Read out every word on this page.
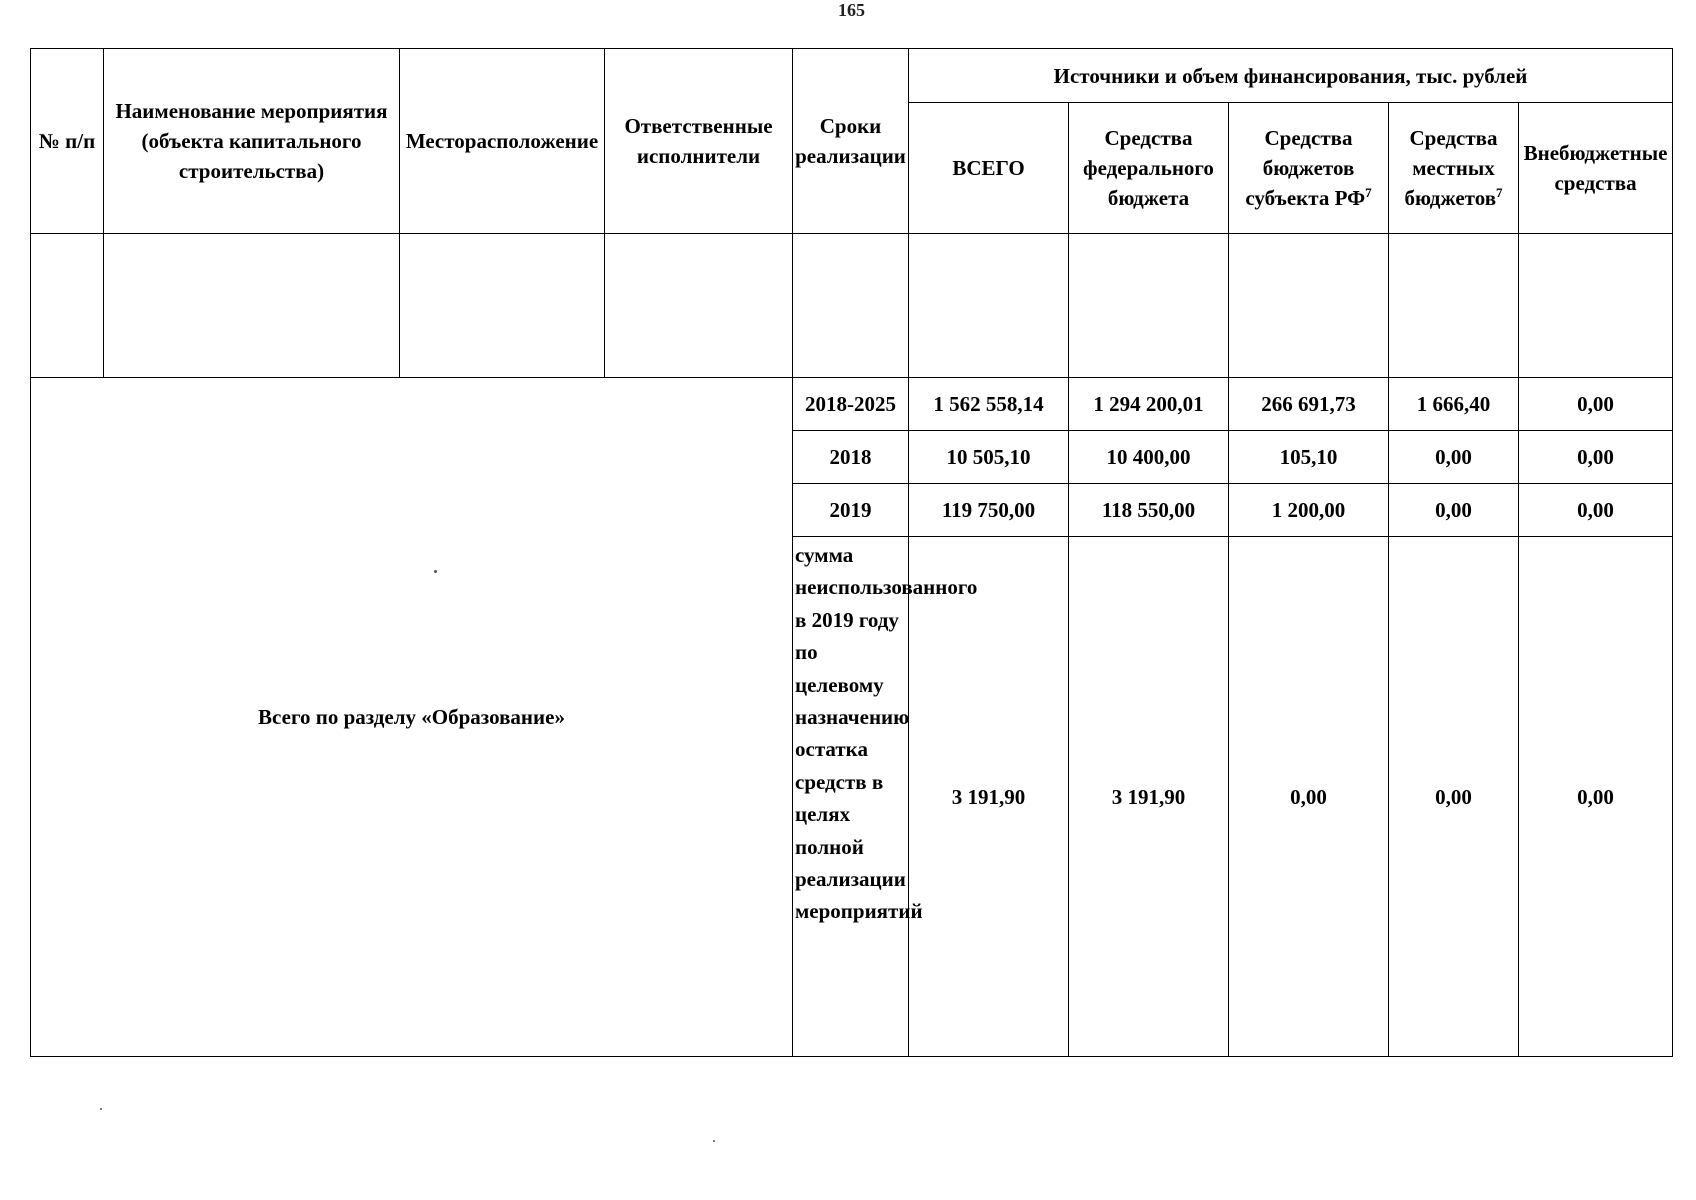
165
№ п/п	Наименование мероприятия (объекта капитального строительства)	Месторасположение	Ответственные исполнители	Сроки реализации	Источники и объем финансирования, тыс. рублей				
					ВСЕГО	Средства федерального бюджета	Средства бюджетов субъекта $РФ^7$	Средства местных бюджетов$^7$	Внебюджетные средства

Всего по разделу «Образование»				2018-2025	1 562 558,14	1 294 200,01	266 691,73	1 666,40	0,00
				2018	10 505,10	10 400,00	105,10	0,00	0,00
				2019	119 750,00	118 550,00	1 200,00	0,00	0,00
				сумма неиспользованного в 2019 году по целевому назначению остатка средств в целях полной реализации мероприятий	3 191,90	3 191,90	0,00	0,00	0,00
